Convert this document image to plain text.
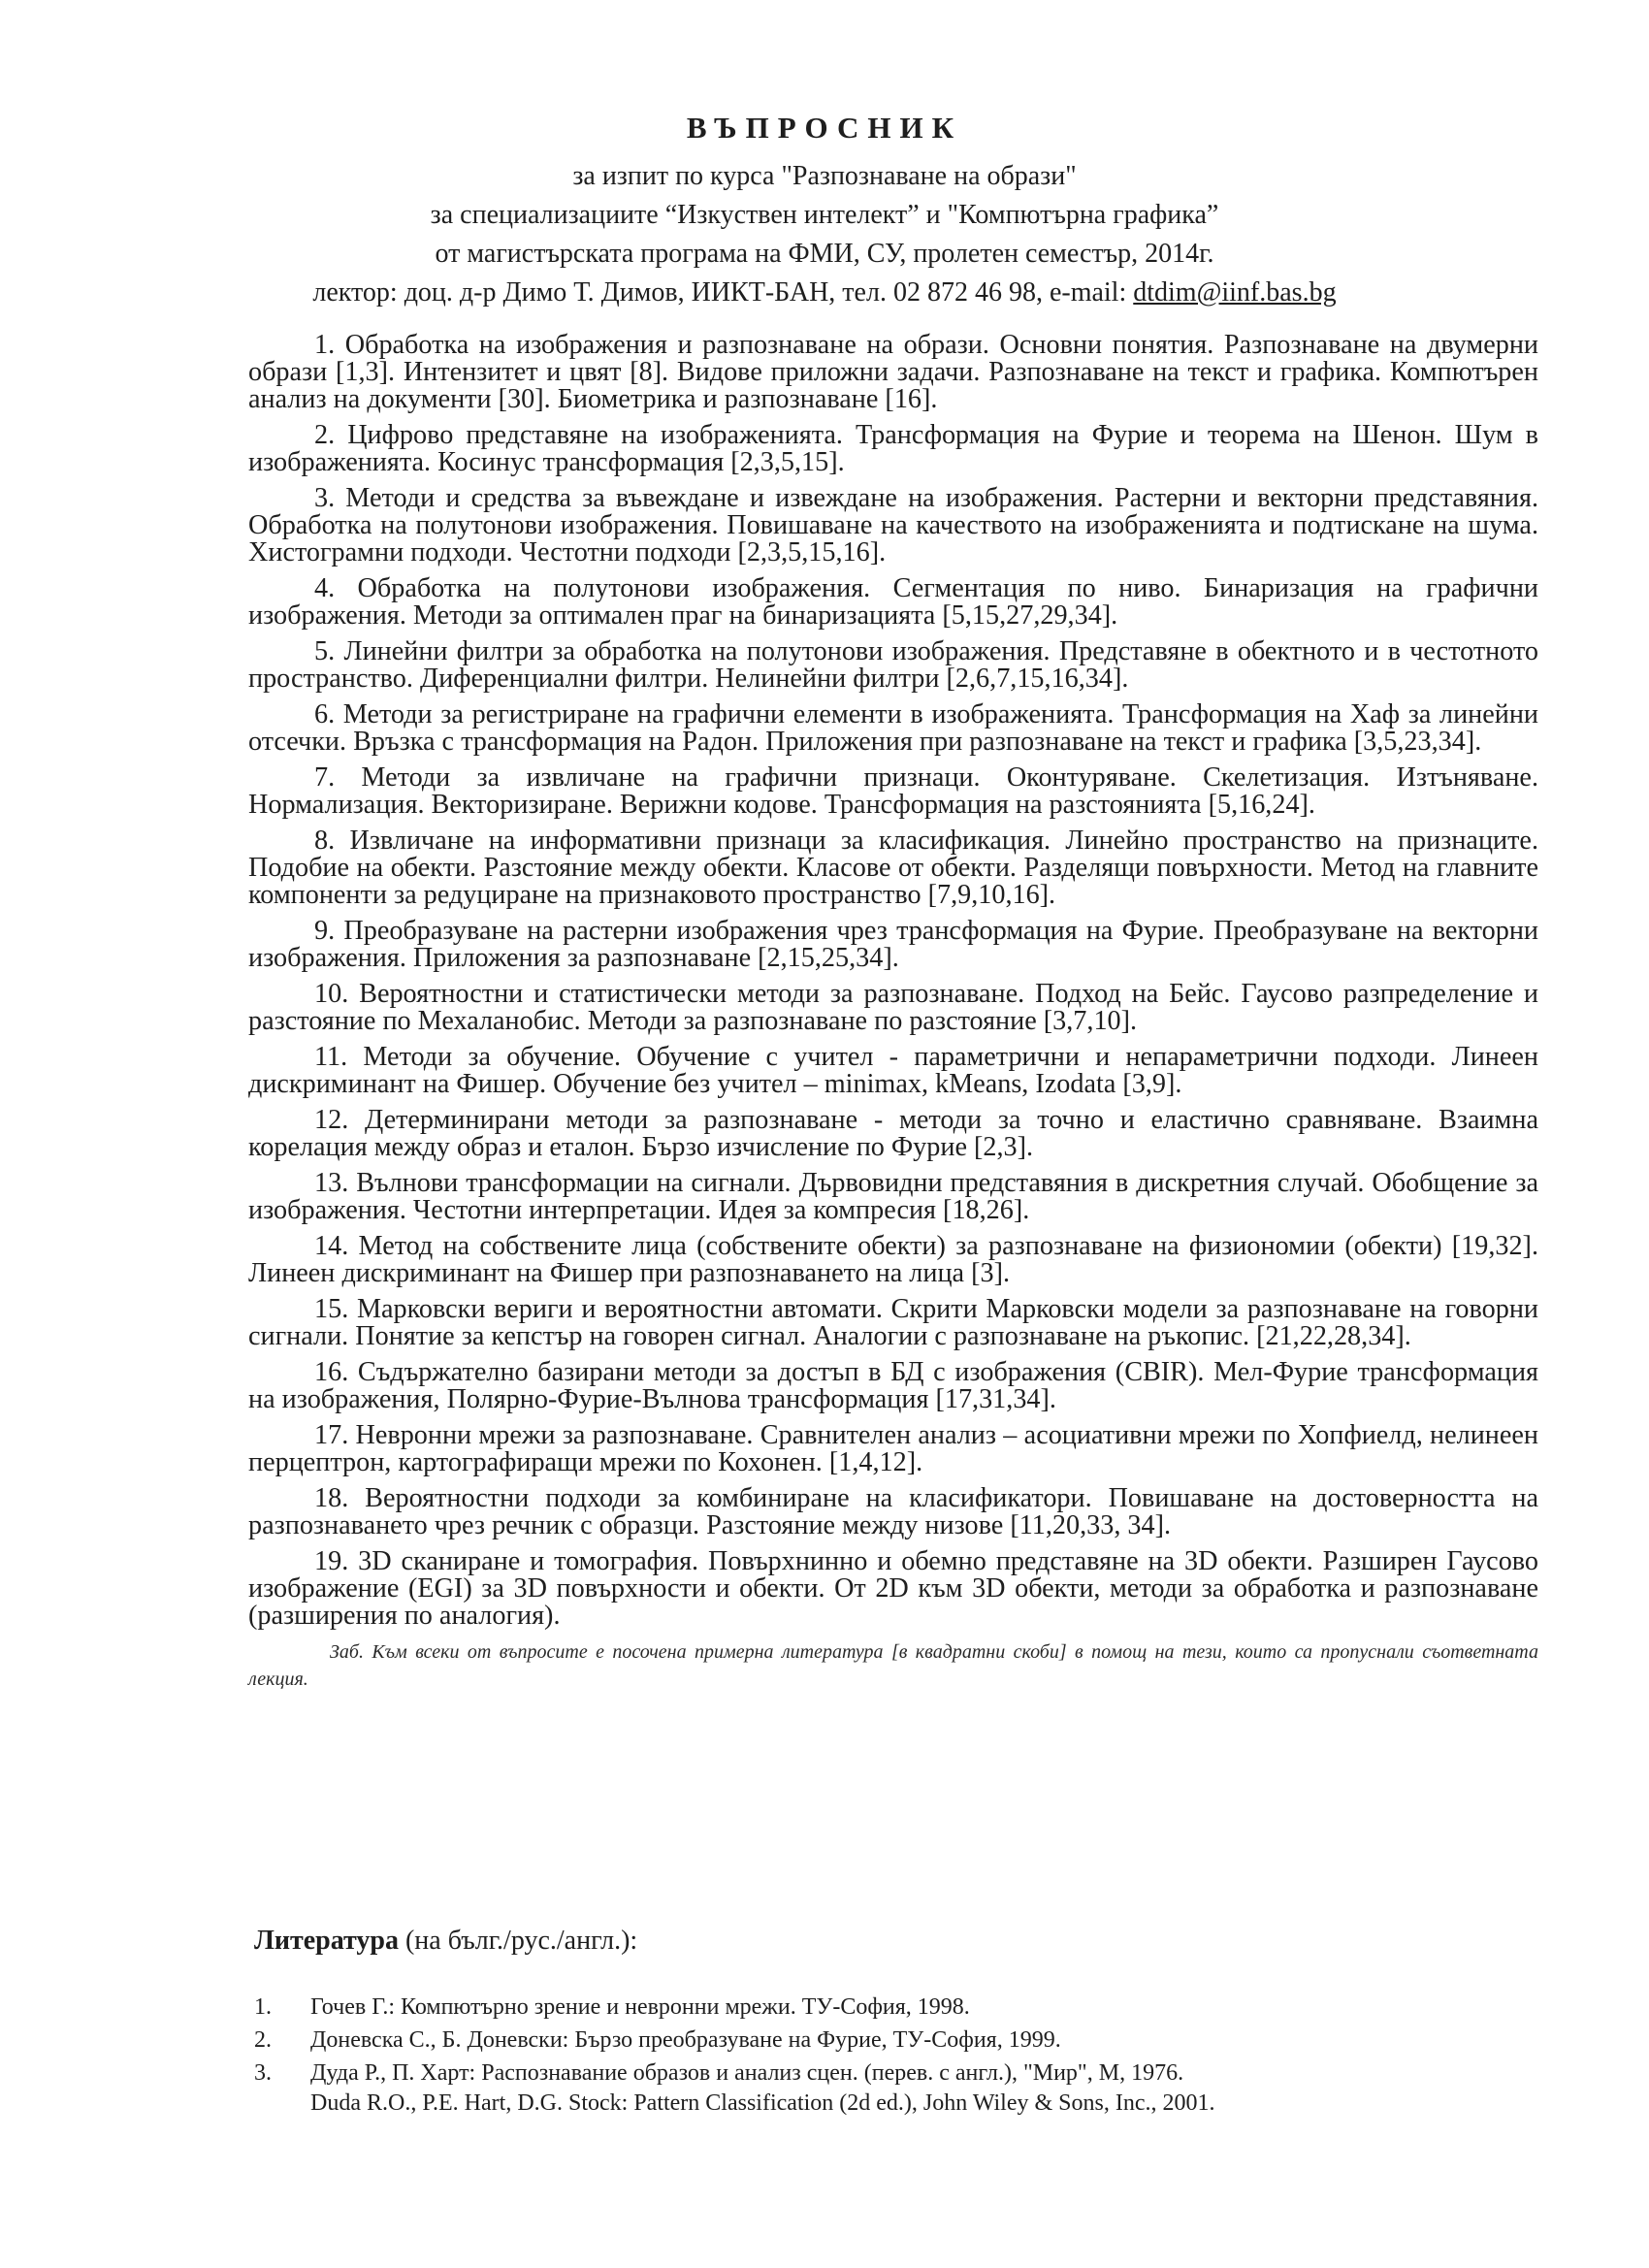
ВЪПРОСНИК

за изпит по курса "Разпознаване на образи"

за специализациите “Изкуствен интелект” и "Компютърна графика”

от магистърската програма на ФМИ, СУ, пролетен семестър, 2014г.

лектор: доц. д-р Димо Т. Димов, ИИКТ-БАН, тел. 02 872 46 98, e-mail: dtdim@iinf.bas.bg

1. Обработка на изображения и разпознаване на образи. Основни понятия. Разпознаване на двумерни образи [1,3]. Интензитет и цвят [8]. Видове приложни задачи. Разпознаване на текст и графика. Компютърен анализ на документи [30]. Биометрика и разпознаване [16].

2. Цифрово представяне на изображенията. Трансформация на Фурие и теорема на Шенон. Шум в изображенията. Косинус трансформация [2,3,5,15].

3. Методи и средства за въвеждане и извеждане на изображения. Растерни и векторни представяния. Обработка на полутонови изображения. Повишаване на качеството на изображенията и подтискане на шума. Хистограмни подходи. Честотни подходи [2,3,5,15,16].

4. Обработка на полутонови изображения. Сегментация по ниво. Бинаризация на графични изображения. Методи за оптимален праг на бинаризацията [5,15,27,29,34].

5. Линейни филтри за обработка на полутонови изображения. Представяне в обектното и в честотното пространство. Диференциални филтри. Нелинейни филтри [2,6,7,15,16,34].

6. Методи за регистриране на графични елементи в изображенията. Трансформация на Хаф за линейни отсечки. Връзка с трансформация на Радон. Приложения при разпознаване на текст и графика [3,5,23,34].

7. Методи за извличане на графични признаци. Оконтуряване. Скелетизация. Изтъняване. Нормализация. Векторизиране. Верижни кодове. Трансформация на разстоянията [5,16,24].

8. Извличане на информативни признаци за класификация. Линейно пространство на признаците. Подобие на обекти. Разстояние между обекти. Класове от обекти. Разделящи повърхности. Метод на главните компоненти за редуциране на признаковото пространство [7,9,10,16].

9. Преобразуване на растерни изображения чрез трансформация на Фурие. Преобразуване на векторни изображения. Приложения за разпознаване [2,15,25,34].

10. Вероятностни и статистически методи за разпознаване. Подход на Бейс. Гаусово разпределение и разстояние по Мехаланобис. Методи за разпознаване по разстояние [3,7,10].

11. Методи за обучение. Обучение с учител - параметрични и непараметрични подходи. Линеен дискриминант на Фишер. Обучение без учител – minimax, kMeans, Izodata [3,9].

12. Детерминирани методи за разпознаване - методи за точно и еластично сравняване. Взаимна корелация между образ и еталон. Бързо изчисление по Фурие [2,3].

13. Вълнови трансформации на сигнали. Дървовидни представяния в дискретния случай. Обобщение за изображения. Честотни интерпретации. Идея за компресия [18,26].

14. Метод на собствените лица (собствените обекти) за разпознаване на физиономии (обекти) [19,32]. Линеен дискриминант на Фишер при разпознаването на лица [3].

15. Марковски вериги и вероятностни автомати. Скрити Марковски модели за разпознаване на говорни сигнали. Понятие за кепстър на говорен сигнал. Аналогии с разпознаване на ръкопис. [21,22,28,34].

16. Съдържателно базирани методи за достъп в БД с изображения (CBIR). Мел-Фурие трансформация на изображения, Полярно-Фурие-Вълнова трансформация [17,31,34].

17. Невронни мрежи за разпознаване. Сравнителен анализ – асоциативни мрежи по Хопфиелд, нелинеен перцептрон, картографиращи мрежи по Кохонен. [1,4,12].

18. Вероятностни подходи за комбиниране на класификатори. Повишаване на достоверността на разпознаването чрез речник с образци. Разстояние между низове [11,20,33, 34].

19. 3D сканиране и томография. Повърхнинно и обемно представяне на 3D обекти. Разширен Гаусово изображение (EGI) за 3D повърхности и обекти. От 2D към 3D обекти, методи за обработка и разпознаване (разширения по аналогия).

Заб. Към всеки от въпросите е посочена примерна литература [в квадратни скоби] в помощ на тези, които са пропуснали съответната лекция.

Литература (на бълг./рус./англ.):
1. Гочев Г.: Компютърно зрение и невронни мрежи. ТУ-София, 1998.
2. Доневска С., Б. Доневски: Бързо преобразуване на Фурие, ТУ-София, 1999.
3. Дуда Р., П. Харт: Распознавание образов и анализ сцен. (перев. с англ.), "Мир", М, 1976.
Duda R.O., P.E. Hart, D.G. Stock: Pattern Classification (2d ed.), John Wiley & Sons, Inc., 2001.
